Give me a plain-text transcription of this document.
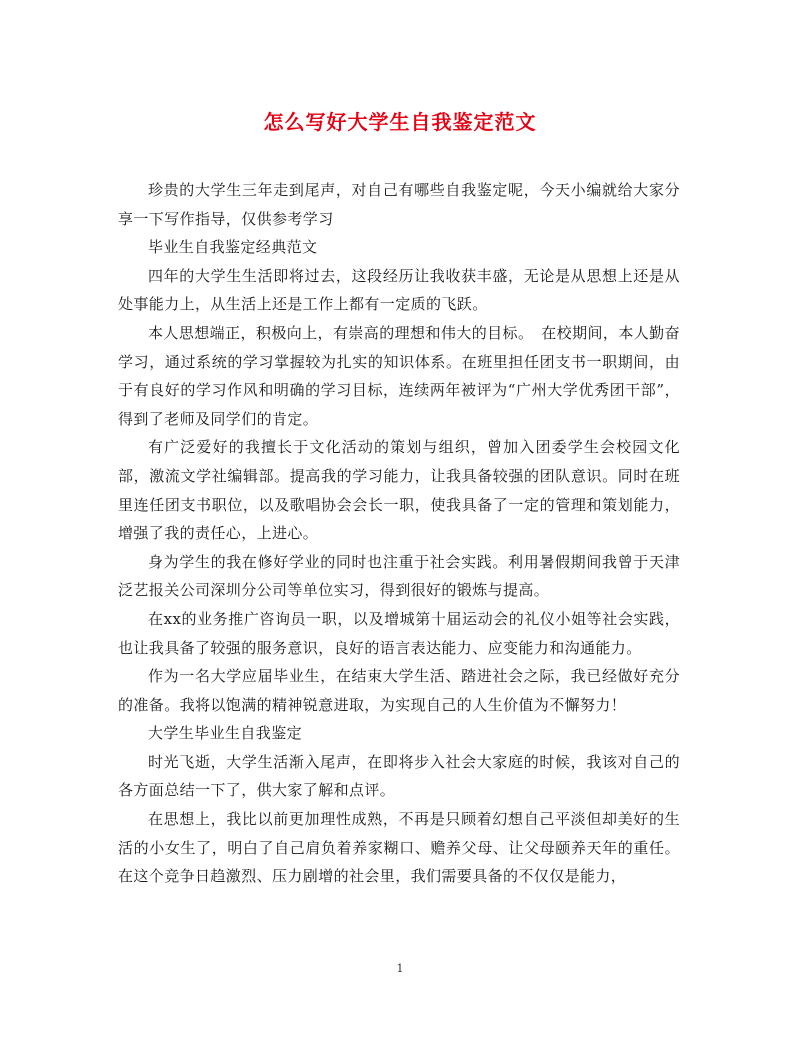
怎么写好大学生自我鉴定范文

珍贵的大学生三年走到尾声，对自己有哪些自我鉴定呢，今天小编就给大家分享一下写作指导，仅供参考学习

毕业生自我鉴定经典范文

四年的大学生生活即将过去，这段经历让我收获丰盛，无论是从思想上还是从处事能力上，从生活上还是工作上都有一定质的飞跃。

本人思想端正，积极向上，有崇高的理想和伟大的目标。　在校期间，本人勤奋学习，通过系统的学习掌握较为扎实的知识体系。在班里担任团支书一职期间，由于有良好的学习作风和明确的学习目标，连续两年被评为“广州大学优秀团干部”，得到了老师及同学们的肯定。

有广泛爱好的我擅长于文化活动的策划与组织，曾加入团委学生会校园文化部，激流文学社编辑部。提高我的学习能力，让我具备较强的团队意识。同时在班里连任团支书职位，以及歌唱协会会长一职，使我具备了一定的管理和策划能力，增强了我的责任心，上进心。

身为学生的我在修好学业的同时也注重于社会实践。利用暑假期间我曾于天津泛艺报关公司深圳分公司等单位实习，得到很好的锻炼与提高。

在xx的业务推广咨询员一职，以及增城第十届运动会的礼仪小姐等社会实践，也让我具备了较强的服务意识，良好的语言表达能力、应变能力和沟通能力。

作为一名大学应届毕业生，在结束大学生活、踏进社会之际，我已经做好充分的准备。我将以饱满的精神锐意进取，为实现自己的人生价值为不懈努力！

大学生毕业生自我鉴定

时光飞逝，大学生活渐入尾声，在即将步入社会大家庭的时候，我该对自己的各方面总结一下了，供大家了解和点评。

在思想上，我比以前更加理性成熟，不再是只顾着幻想自己平淡但却美好的生活的小女生了，明白了自己肩负着养家糊口、赡养父母、让父母颐养天年的重任。在这个竞争日趋激烈、压力剧增的社会里，我们需要具备的不仅仅是能力，

1
